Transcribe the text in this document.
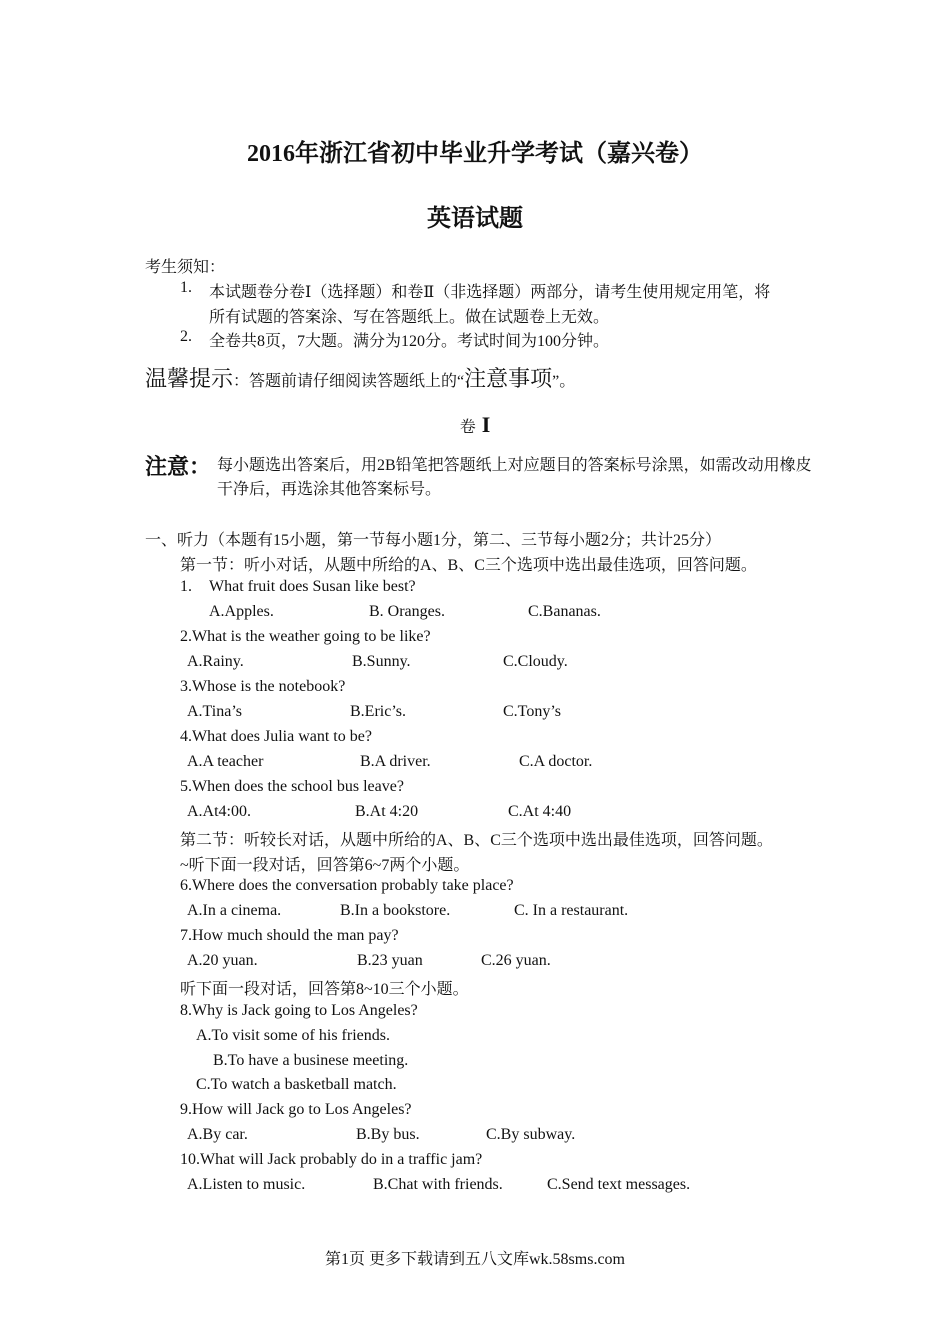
2016年浙江省初中毕业升学考试（嘉兴卷）
英语试题
考生须知：
1. 本试题卷分卷Ⅰ（选择题）和卷Ⅱ（非选择题）两部分，请考生使用规定用笔，将
所有试题的答案涂、写在答题纸上。做在试题卷上无效。
2. 全卷共8页，7大题。满分为120分。考试时间为100分钟。
温馨提示：答题前请仔细阅读答题纸上的“注意事项”。
卷 I
注意： 每小题选出答案后，用2B铅笔把答题纸上对应题目的答案标号涂黑，如需改动用橡皮干净后，再选涂其他答案标号。
一、听力（本题有15小题，第一节每小题1分，第二、三节每小题2分；共计25分）
第一节：听小对话，从题中所给的A、B、C三个选项中选出最佳选项，回答问题。
1. What fruit does Susan like best?
A.Apples.	B. Oranges.	C.Bananas.
2.What is the weather going to be like?
A.Rainy.	B.Sunny.	C.Cloudy.
3.Whose is the notebook?
A.Tina’s	B.Eric’s.	C.Tony’s
4.What does Julia want to be?
A.A teacher	B.A driver.	C.A doctor.
5.When does the school bus leave?
A.At4:00.	B.At 4:20	C.At 4:40
第二节：听较长对话，从题中所给的A、B、C三个选项中选出最佳选项，回答问题。
~听下面一段对话，回答第6~7两个小题。
6.Where does the conversation probably take place?
A.In a cinema.	B.In a bookstore.	C. In a restaurant.
7.How much should the man pay?
A.20 yuan.	B.23 yuan	C.26 yuan.
听下面一段对话，回答第8~10三个小题。
8.Why is Jack going to Los Angeles?
A.To visit some of his friends.
B.To have a businese meeting.
C.To watch a basketball match.
9.How will Jack go to Los Angeles?
A.By car.	B.By bus.	C.By subway.
10.What will Jack probably do in a traffic jam?
A.Listen to music.	B.Chat with friends.	C.Send text messages.
第1页 更多下载请到五八文库wk.58sms.com
